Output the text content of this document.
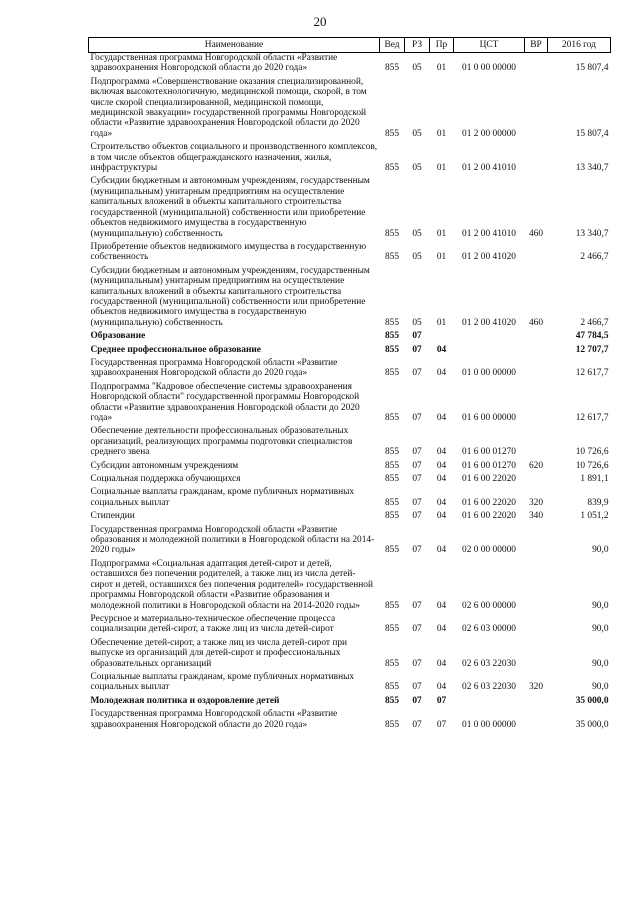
20
Наименование	Вед	РЗ	Пр	ЦСТ	ВР	2016 год
Государственная программа Новгородской области «Развитие здравоохранения Новгородской области до 2020 года»	855	05	01	01 0 00 00000		15 807,4
Подпрограмма «Совершенствование оказания специализированной, включая высокотехнологичную, медицинской помощи, скорой, в том числе скорой специализированной, медицинской помощи, медицинской эвакуации» государственной программы Новгородской области «Развитие здравоохранения Новгородской области до 2020 года»	855	05	01	01 2 00 00000		15 807,4
Строительство объектов социального и производственного комплексов, в том числе объектов общегражданского назначения, жилья, инфраструктуры	855	05	01	01 2 00 41010		13 340,7
Субсидии бюджетным и автономным учреждениям, государственным (муниципальным) унитарным предприятиям на осуществление капитальных вложений в объекты капитального строительства государственной (муниципальной) собственности или приобретение объектов недвижимого имущества в государственную (муниципальную) собственность	855	05	01	01 2 00 41010	460	13 340,7
Приобретение объектов недвижимого имущества в государственную собственность	855	05	01	01 2 00 41020		2 466,7
Субсидии бюджетным и автономным учреждениям, государственным (муниципальным) унитарным предприятиям на осуществление капитальных вложений в объекты капитального строительства государственной (муниципальной) собственности или приобретение объектов недвижимого имущества в государственную (муниципальную) собственность	855	05	01	01 2 00 41020	460	2 466,7
Образование	855	07				47 784,5
Среднее профессиональное образование	855	07	04			12 707,7
Государственная программа Новгородской области «Развитие здравоохранения Новгородской области до 2020 года»	855	07	04	01 0 00 00000		12 617,7
Подпрограмма "Кадровое обеспечение системы здравоохранения Новгородской области" государственной программы Новгородской области «Развитие здравоохранения Новгородской области до 2020 года»	855	07	04	01 6 00 00000		12 617,7
Обеспечение деятельности профессиональных образовательных организаций, реализующих программы подготовки специалистов среднего звена	855	07	04	01 6 00 01270		10 726,6
Субсидии автономным учреждениям	855	07	04	01 6 00 01270	620	10 726,6
Социальная поддержка обучающихся	855	07	04	01 6 00 22020		1 891,1
Социальные выплаты гражданам, кроме публичных нормативных социальных выплат	855	07	04	01 6 00 22020	320	839,9
Стипендии	855	07	04	01 6 00 22020	340	1 051,2
Государственная программа Новгородской области «Развитие образования и молодежной политики в Новгородской области на 2014-2020 годы»	855	07	04	02 0 00 00000		90,0
Подпрограмма «Социальная адаптация детей-сирот и детей, оставшихся без попечения родителей, а также лиц из числа детей-сирот и детей, оставшихся без попечения родителей» государственной программы Новгородской области «Развитие образования и молодежной политики в Новгородской области на 2014-2020 годы»	855	07	04	02 6 00 00000		90,0
Ресурсное и материально-техническое обеспечение процесса социализации детей-сирот, а также лиц из числа детей-сирот	855	07	04	02 6 03 00000		90,0
Обеспечение детей-сирот, а также лиц из числа детей-сирот при выпуске из организаций для детей-сирот и профессиональных образовательных организаций	855	07	04	02 6 03 22030		90,0
Социальные выплаты гражданам, кроме публичных нормативных социальных выплат	855	07	04	02 6 03 22030	320	90,0
Молодежная политика и оздоровление детей	855	07	07			35 000,0
Государственная программа Новгородской области «Развитие здравоохранения Новгородской области до 2020 года»	855	07	07	01 0 00 00000		35 000,0
